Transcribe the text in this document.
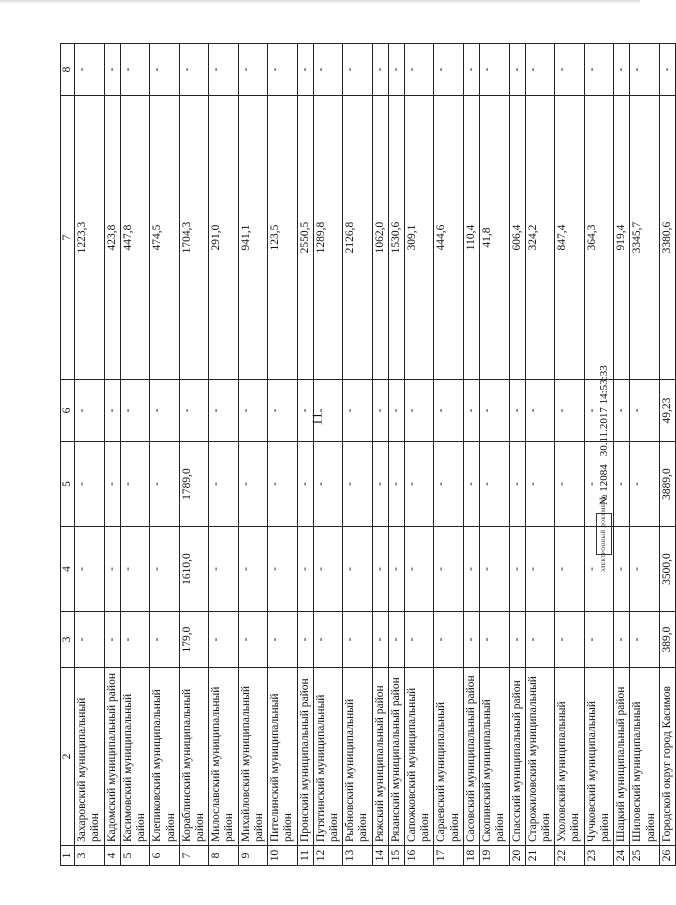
11
1	2	3	4	5	6	7	8
3	Захаровский муниципальный район	-	-	-	-	1223,3	-
4	Кадомский муниципальный район	-	-	-	-	423,8	-
5	Касимовский муниципальный район	-	-	-	-	447,8	-
6	Клепиковский муниципальный район	-	-	-	-	474,5	-
7	Кораблинский муниципальный район	179,0	1610,0	1789,0	-	1704,3	-
8	Милославский муниципальный район	-	-	-	-	291,0	-
9	Михайловский муниципальный район	-	-	-	-	941,1	-
10	Пителинский муниципальный район	-	-	-	-	123,5	-
11	Пронский муниципальный район	-	-	-	-	2550,5	-
12	Путятинский муниципальный район	-	-	-	-	1289,8	-
13	Рыбновский муниципальный район	-	-	-	-	2126,8	-
14	Ряжский муниципальный район	-	-	-	-	1062,0	-
15	Рязанский муниципальный район	-	-	-	-	1530,6	-
16	Сапожковский муниципальный район	-	-	-	-	309,1	-
17	Сараевский муниципальный район	-	-	-	-	444,6	-
18	Сасовский муниципальный район	-	-	-	-	110,4	-
19	Скопинский муниципальный район	-	-	-	-	41,8	-
20	Спасский муниципальный район	-	-	-	-	606,4	-
21	Старожиловский муниципальный район	-	-	-	-	324,2	-
22	Ухоловский муниципальный район	-	-	-	-	847,4	-
23	Чучковский муниципальный район	-	-	-	-	364,3	-
24	Шацкий муниципальный район	-	-	-	-	919,4	-
25	Шиловский муниципальный район	-	-	-	-	3345,7	-
26	Городской округ город Касимов	389,0	3500,0	3889,0	49,23	3380,6	-
ЭЛЕКТРОННЫЙ ДОКУМЕНТ
№ 12084
30.11.2017 14:53:33
